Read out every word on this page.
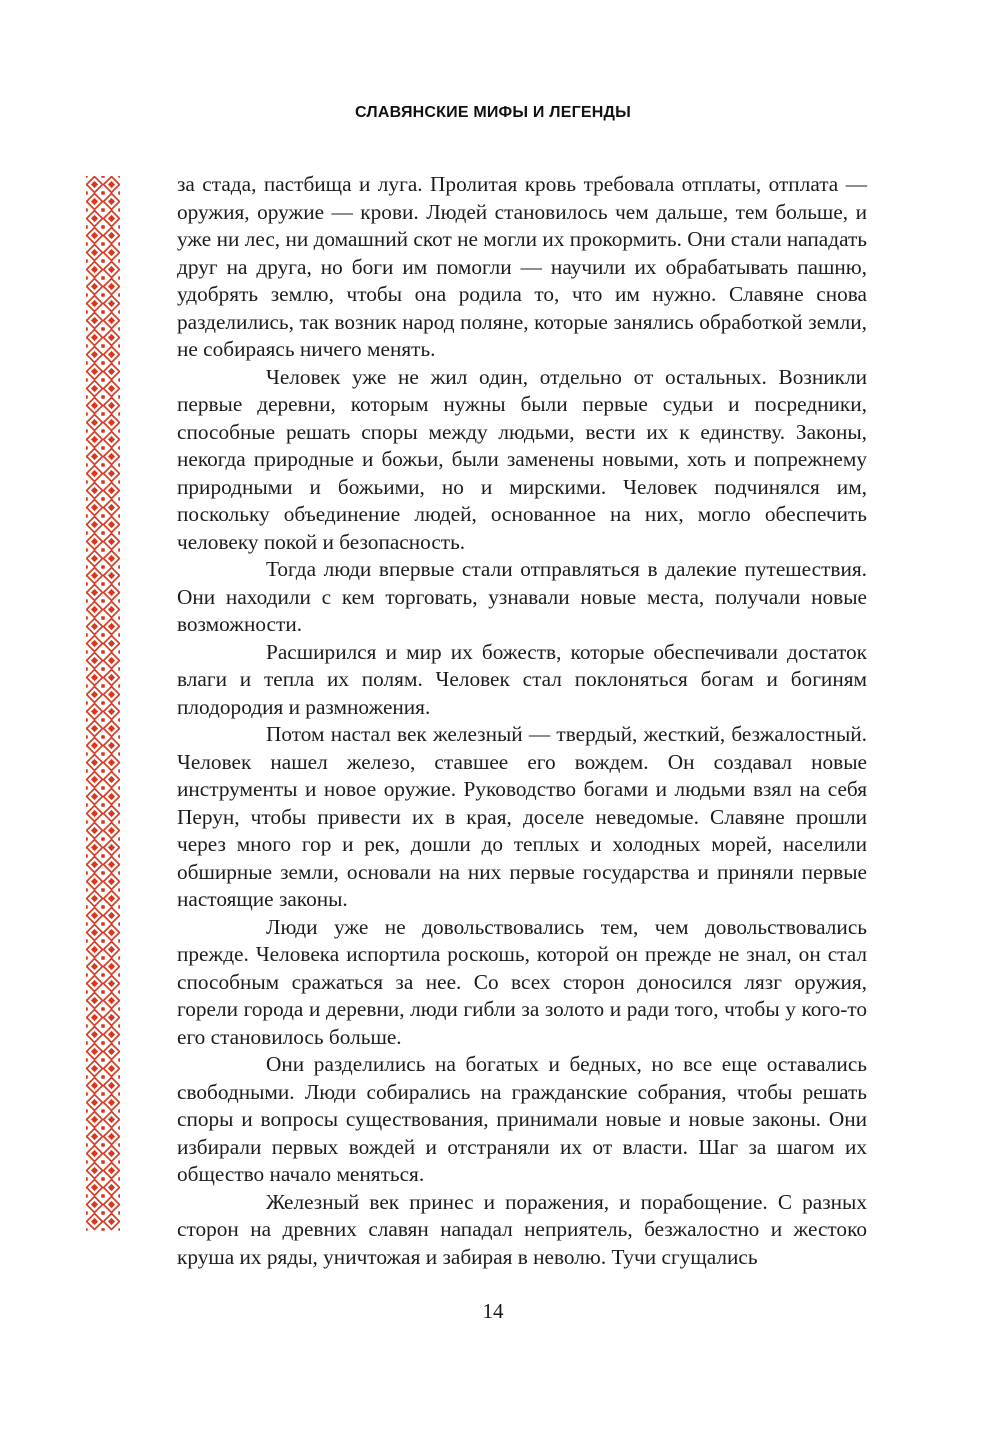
СЛАВЯНСКИЕ МИФЫ И ЛЕГЕНДЫ

за стада, пастбища и луга. Пролитая кровь требовала отплаты, отплата — оружия, оружие — крови. Людей становилось чем дальше, тем больше, и уже ни лес, ни домашний скот не могли их прокормить. Они стали нападать друг на друга, но боги им помогли — научили их обрабатывать пашню, удобрять землю, чтобы она родила то, что им нужно. Славяне снова разделились, так возник народ поляне, которые занялись обработкой земли, не собираясь ничего менять.

Человек уже не жил один, отдельно от остальных. Возникли первые деревни, которым нужны были первые судьи и посредники, способные решать споры между людьми, вести их к единству. Законы, некогда природные и божьи, были заменены новыми, хоть и попрежнему природными и божьими, но и мирскими. Человек подчинялся им, поскольку объединение людей, основанное на них, могло обеспечить человеку покой и безопасность.

Тогда люди впервые стали отправляться в далекие путешествия. Они находили с кем торговать, узнавали новые места, получали новые возможности.

Расширился и мир их божеств, которые обеспечивали достаток влаги и тепла их полям. Человек стал поклоняться богам и богиням плодородия и размножения.

Потом настал век железный — твердый, жесткий, безжалостный. Человек нашел железо, ставшее его вождем. Он создавал новые инструменты и новое оружие. Руководство богами и людьми взял на себя Перун, чтобы привести их в края, доселе неведомые. Славяне прошли через много гор и рек, дошли до теплых и холодных морей, населили обширные земли, основали на них первые государства и приняли первые настоящие законы.

Люди уже не довольствовались тем, чем довольствовались прежде. Человека испортила роскошь, которой он прежде не знал, он стал способным сражаться за нее. Со всех сторон доносился лязг оружия, горели города и деревни, люди гибли за золото и ради того, чтобы у кого-то его становилось больше.

Они разделились на богатых и бедных, но все еще оставались свободными. Люди собирались на гражданские собрания, чтобы решать споры и вопросы существования, принимали новые и новые законы. Они избирали первых вождей и отстраняли их от власти. Шаг за шагом их общество начало меняться.

Железный век принес и поражения, и порабощение. С разных сторон на древних славян нападал неприятель, безжалостно и жестоко круша их ряды, уничтожая и забирая в неволю. Тучи сгущались

14
